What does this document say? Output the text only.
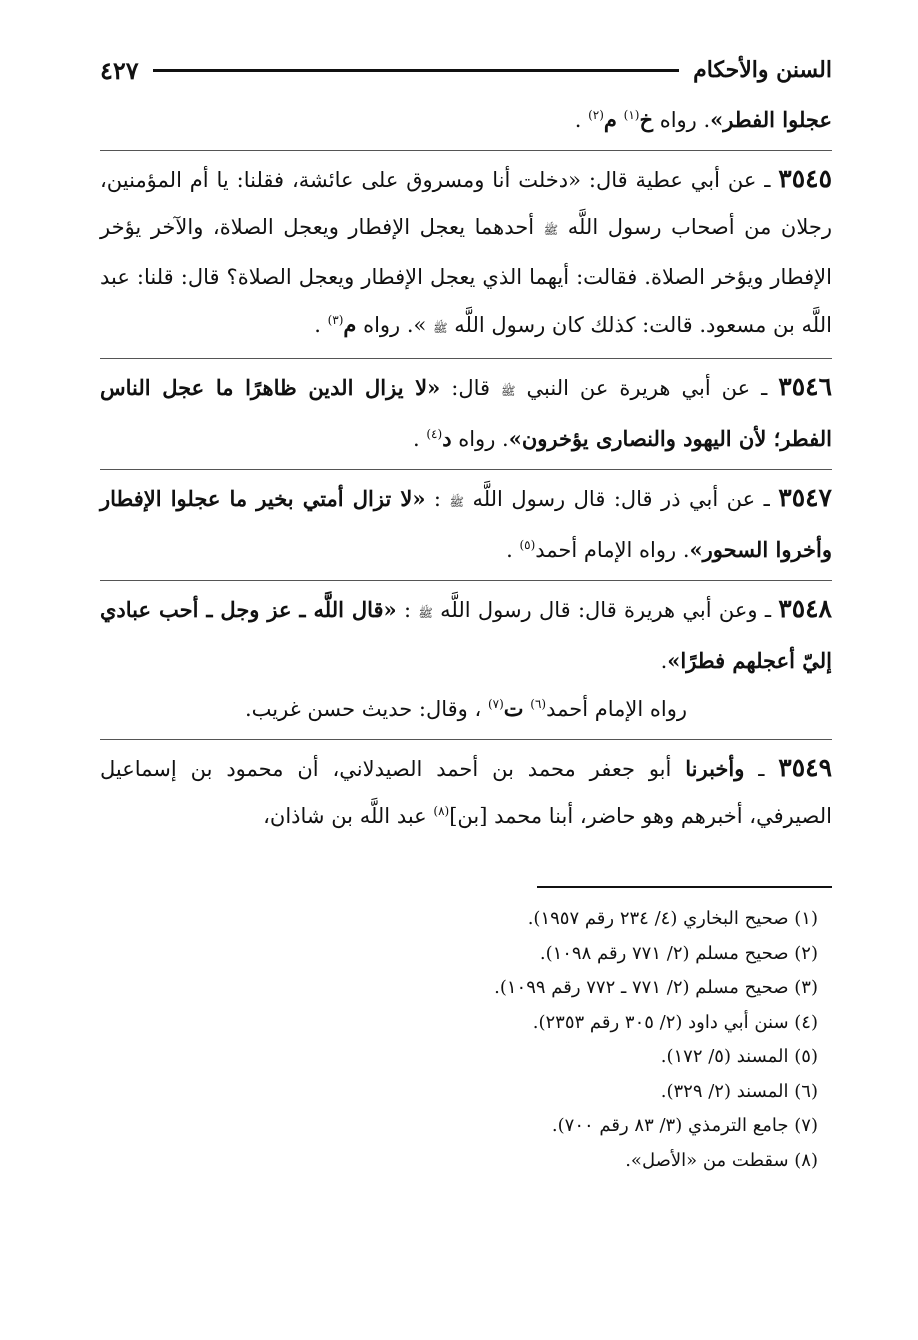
السنن والأحكام
٤٢٧

عجلوا الفطر». رواه خ$^{(١)}$ م$^{(٢)}$ .

٣٥٤٥ ـ عن أبي عطية قال: «دخلت أنا ومسروق على عائشة، فقلنا: يا أم المؤمنين، رجلان من أصحاب رسول اللَّه ﷺ أحدهما يعجل الإفطار ويعجل الصلاة، والآخر يؤخر الإفطار ويؤخر الصلاة. فقالت: أيهما الذي يعجل الإفطار ويعجل الصلاة؟ قال: قلنا: عبد اللَّه بن مسعود. قالت: كذلك كان رسول اللَّه ﷺ ». رواه م$^{(٣)}$ .

٣٥٤٦ ـ عن أبي هريرة عن النبي ﷺ قال: «لا يزال الدين ظاهرًا ما عجل الناس الفطر؛ لأن اليهود والنصارى يؤخرون». رواه د$^{(٤)}$ .

٣٥٤٧ ـ عن أبي ذر قال: قال رسول اللَّه ﷺ : «لا تزال أمتي بخير ما عجلوا الإفطار وأخروا السحور». رواه الإمام أحمد$^{(٥)}$ .

٣٥٤٨ ـ وعن أبي هريرة قال: قال رسول اللَّه ﷺ : «قال اللَّه ـ عز وجل ـ أحب عبادي إليّ أعجلهم فطرًا».

رواه الإمام أحمد$^{(٦)}$ ت$^{(٧)}$ ، وقال: حديث حسن غريب.

٣٥٤٩ ـ وأخبرنا أبو جعفر محمد بن أحمد الصيدلاني، أن محمود بن إسماعيل الصيرفي، أخبرهم وهو حاضر، أبنا محمد [بن]$^{(٨)}$ عبد اللَّه بن شاذان،

(١) صحيح البخاري (٤/ ٢٣٤ رقم ١٩٥٧).
(٢) صحيح مسلم (٢/ ٧٧١ رقم ١٠٩٨).
(٣) صحيح مسلم (٢/ ٧٧١ ـ ٧٧٢ رقم ١٠٩٩).
(٤) سنن أبي داود (٢/ ٣٠٥ رقم ٢٣٥٣).
(٥) المسند (٥/ ١٧٢).
(٦) المسند (٢/ ٣٢٩).
(٧) جامع الترمذي (٣/ ٨٣ رقم ٧٠٠).
(٨) سقطت من «الأصل».
